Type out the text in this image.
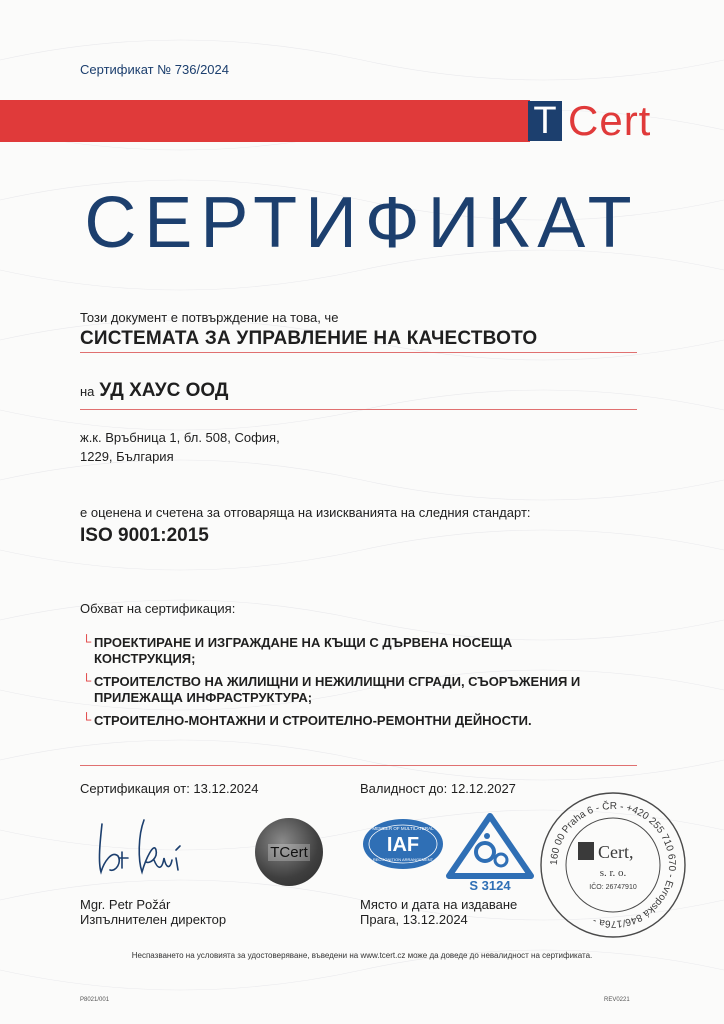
Сертификат № 736/2024
T Cert
СЕРТИФИКАТ
Този документ е потвърждение на това, че
СИСТЕМАТА ЗА УПРАВЛЕНИЕ НА КАЧЕСТВОТО
на УД ХАУС ООД
ж.к. Връбница 1, бл. 508, София,
1229, България
е оценена и счетена за отговаряща на изискванията на следния стандарт:
ISO 9001:2015
Обхват на сертификация:
└ ПРОЕКТИРАНЕ И ИЗГРАЖДАНЕ НА КЪЩИ С ДЪРВЕНА НОСЕЩА КОНСТРУКЦИЯ;
└ СТРОИТЕЛСТВО НА ЖИЛИЩНИ И НЕЖИЛИЩНИ СГРАДИ, СЪОРЪЖЕНИЯ И ПРИЛЕЖАЩА ИНФРАСТРУКТУРА;
└ СТРОИТЕЛНО-МОНТАЖНИ И СТРОИТЕЛНО-РЕМОНТНИ ДЕЙНОСТИ.
Сертификация от: 13.12.2024	Валидност до: 12.12.2027
TCert
Mgr. Petr Požár
Изпълнителен директор
MEMBER OF MULTILATERAL
IAF
RECOGNITION ARRANGEMENT
S 3124
Място и дата на издаване
Прага, 13.12.2024
160 00 Praha 6 - ČR - +420 255 710 670 - Evropská 846/176a -
Cert,
s. r. o.
IČO: 26747910
Неспазването на условията за удостоверяване, въведени на www.tcert.cz може да доведе до невалидност на сертификата.
P8021/001	REV0221
